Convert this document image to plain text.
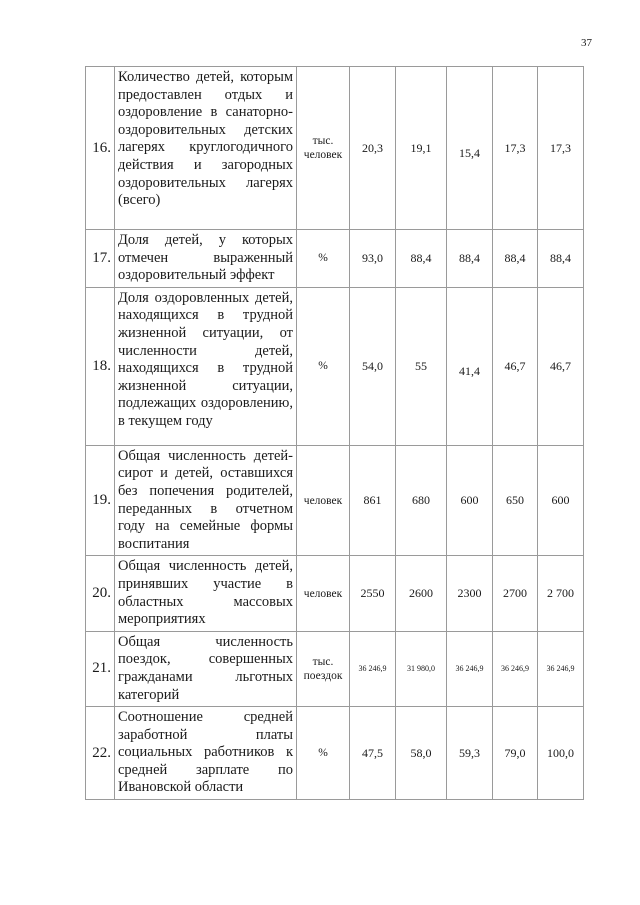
37
16.	Количество детей, которым предоставлен отдых и оздоровление в санаторно-оздоровительных детских лагерях круглогодичного действия и загородных оздоровительных лагерях (всего)	тыс. человек	20,3	19,1	15,4	17,3	17,3
17.	Доля детей, у которых отмечен выраженный оздоровительный эффект	%	93,0	88,4	88,4	88,4	88,4
18.	Доля оздоровленных детей, находящихся в трудной жизненной ситуации, от численности детей, находящихся в трудной жизненной ситуации, подлежащих оздоровлению, в текущем году	%	54,0	55	41,4	46,7	46,7
19.	Общая численность детей-сирот и детей, оставшихся без попечения родителей, переданных в отчетном году на семейные формы воспитания	человек	861	680	600	650	600
20.	Общая численность детей, принявших участие в областных массовых мероприятиях	человек	2550	2600	2300	2700	2 700
21.	Общая численность поездок, совершенных гражданами льготных категорий	тыс. поездок	36 246,9	31 980,0	36 246,9	36 246,9	36 246,9
22.	Соотношение средней заработной платы социальных работников к средней зарплате по Ивановской области	%	47,5	58,0	59,3	79,0	100,0
